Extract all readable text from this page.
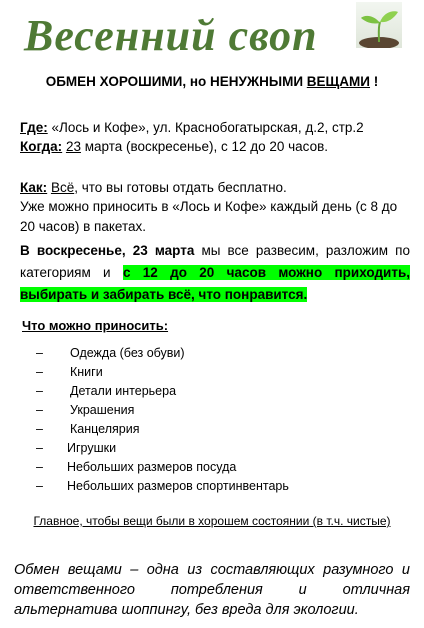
Весенний своп
ОБМЕН ХОРОШИМИ, но НЕНУЖНЫМИ ВЕЩАМИ !
Где: «Лось и Кофе», ул. Краснобогатырская, д.2, стр.2
Когда: 23 марта (воскресенье), с 12 до 20 часов.
Как: Всё, что вы готовы отдать бесплатно.
Уже можно приносить в «Лось и Кофе» каждый день (с 8 до 20 часов) в пакетах.
В воскресенье, 23 марта мы все развесим, разложим по категориям и с 12 до 20 часов можно приходить, выбирать и забирать всё, что понравится.
Что можно приносить:
– Одежда (без обуви)
– Книги
– Детали интерьера
– Украшения
– Канцелярия
– Игрушки
– Небольших размеров посуда
– Небольших размеров спортинвентарь
Главное, чтобы вещи были в хорошем состоянии (в т.ч. чистые)
Обмен вещами – одна из составляющих разумного и ответственного потребления и отличная альтернатива шоппингу, без вреда для экологии.
